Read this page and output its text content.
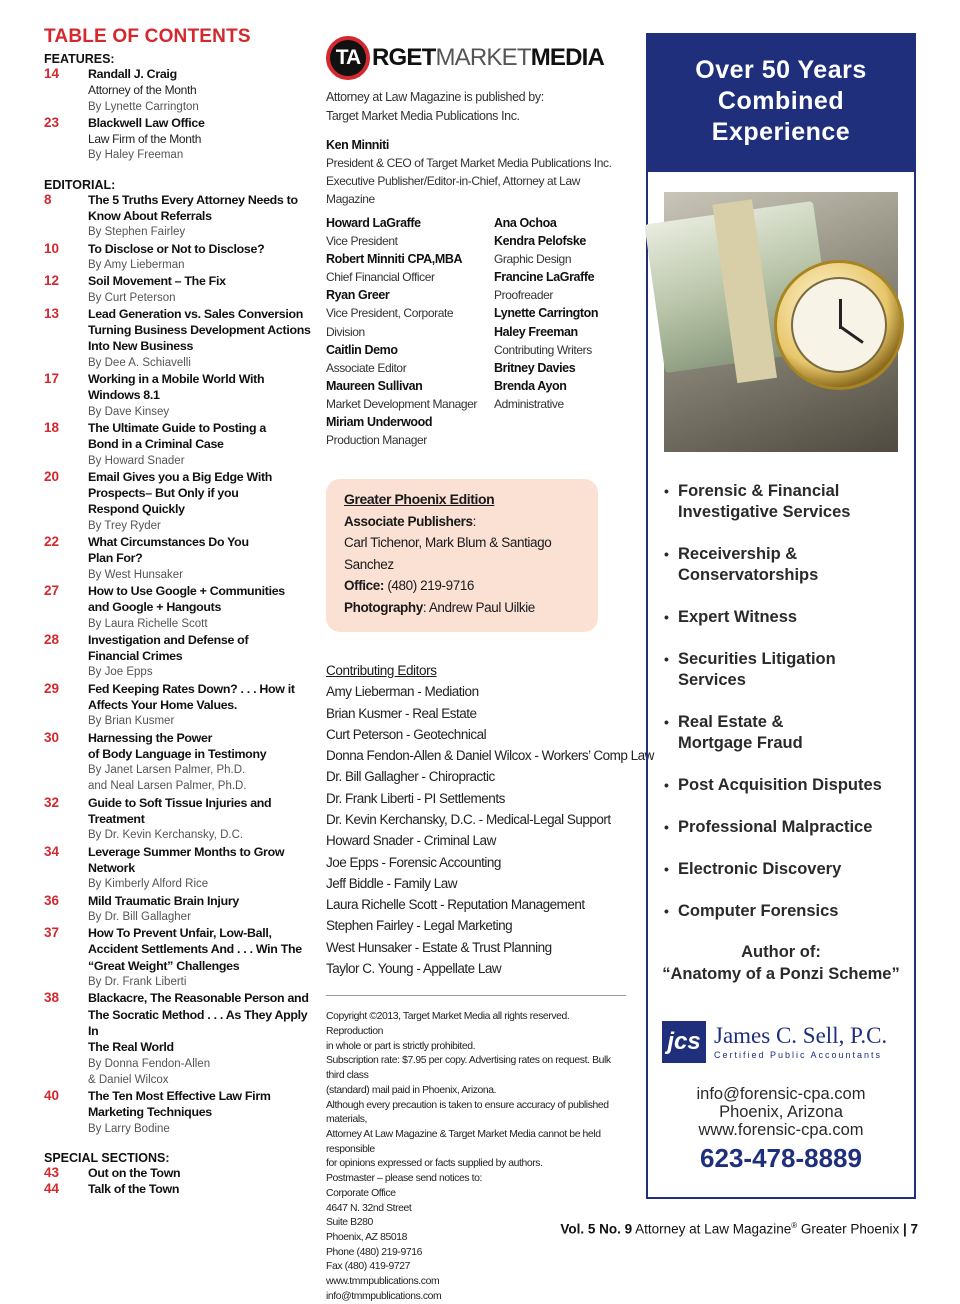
TABLE OF CONTENTS
FEATURES:
14	Randall J. Craig
Attorney of the Month
By Lynette Carrington
23	Blackwell Law Office
Law Firm of the Month
By Haley Freeman
EDITORIAL:
8	The 5 Truths Every Attorney Needs to
Know About Referrals
By Stephen Fairley
10	To Disclose or Not to Disclose?
By Amy Lieberman
12	Soil Movement – The Fix
By Curt Peterson
13	Lead Generation vs. Sales Conversion
Turning Business Development Actions
Into New Business
By Dee A. Schiavelli
17	Working in a Mobile World With
Windows 8.1
By Dave Kinsey
18	The Ultimate Guide to Posting a
Bond in a Criminal Case
By Howard Snader
20	Email Gives you a Big Edge With
Prospects– But Only if you
Respond Quickly
By Trey Ryder
22	What Circumstances Do You
Plan For?
By West Hunsaker
27	How to Use Google + Communities
and Google + Hangouts
By Laura Richelle Scott
28	Investigation and Defense of
Financial Crimes
By Joe Epps
29	Fed Keeping Rates Down? . . . How it
Affects Your Home Values.
By Brian Kusmer
30	Harnessing the Power
of Body Language in Testimony
By Janet Larsen Palmer, Ph.D.
and Neal Larsen Palmer, Ph.D.
32	Guide to Soft Tissue Injuries and
Treatment
By Dr. Kevin Kerchansky, D.C.
34	Leverage Summer Months to Grow
Network
By Kimberly Alford Rice
36	Mild Traumatic Brain Injury
By Dr. Bill Gallagher
37	How To Prevent Unfair, Low-Ball,
Accident Settlements And . . . Win The
“Great Weight” Challenges
By Dr. Frank Liberti
38	Blackacre, The Reasonable Person and
The Socratic Method . . . As They Apply In
The Real World
By Donna Fendon-Allen
& Daniel Wilcox
40	The Ten Most Effective Law Firm
Marketing Techniques
By Larry Bodine
SPECIAL SECTIONS:
43	Out on the Town
44	Talk of the Town
TA RGETMARKETMEDIA
Attorney at Law Magazine is published by:
Target Market Media Publications Inc.
Ken Minniti
President & CEO of Target Market Media Publications Inc.
Executive Publisher/Editor-in-Chief, Attorney at Law Magazine
Howard LaGraffe
Vice President
Robert Minniti CPA,MBA
Chief Financial Officer
Ryan Greer
Vice President, Corporate
Division
Caitlin Demo
Associate Editor
Maureen Sullivan
Market Development Manager
Miriam Underwood
Production Manager
Ana Ochoa
Kendra Pelofske
Graphic Design
Francine LaGraffe
Proofreader
Lynette Carrington
Haley Freeman
Contributing Writers
Britney Davies
Brenda Ayon
Administrative
Greater Phoenix Edition
Associate Publishers:
Carl Tichenor, Mark Blum & Santiago Sanchez
Office: (480) 219-9716
Photography: Andrew Paul Uilkie
Contributing Editors
Amy Lieberman - Mediation
Brian Kusmer - Real Estate
Curt Peterson - Geotechnical
Donna Fendon-Allen & Daniel Wilcox - Workers’ Comp Law
Dr. Bill Gallagher - Chiropractic
Dr. Frank Liberti - PI Settlements
Dr. Kevin Kerchansky, D.C. - Medical-Legal Support
Howard Snader - Criminal Law
Joe Epps - Forensic Accounting
Jeff Biddle - Family Law
Laura Richelle Scott - Reputation Management
Stephen Fairley - Legal Marketing
West Hunsaker - Estate & Trust Planning
Taylor C. Young - Appellate Law
Copyright ©2013, Target Market Media all rights reserved. Reproduction
in whole or part is strictly prohibited.
Subscription rate: $7.95 per copy. Advertising rates on request. Bulk third class
(standard) mail paid in Phoenix, Arizona.
Although every precaution is taken to ensure accuracy of published materials,
Attorney At Law Magazine & Target Market Media cannot be held responsible
for opinions expressed or facts supplied by authors.
Postmaster – please send notices to:
Corporate Office
4647 N. 32nd Street
Suite B280
Phoenix, AZ 85018
Phone (480) 219-9716
Fax (480) 419-9727
www.tmmpublications.com
info@tmmpublications.com
Over 50 Years
Combined
Experience
• Forensic & Financial
Investigative Services
• Receivership &
Conservatorships
• Expert Witness
• Securities Litigation
Services
• Real Estate &
Mortgage Fraud
• Post Acquisition Disputes
• Professional Malpractice
• Electronic Discovery
• Computer Forensics
Author of:
“Anatomy of a Ponzi Scheme”
jcs James C. Sell, P.C.
Certified Public Accountants
info@forensic-cpa.com
Phoenix, Arizona
www.forensic-cpa.com
623-478-8889
Vol. 5 No. 9 Attorney at Law Magazine® Greater Phoenix | 7
